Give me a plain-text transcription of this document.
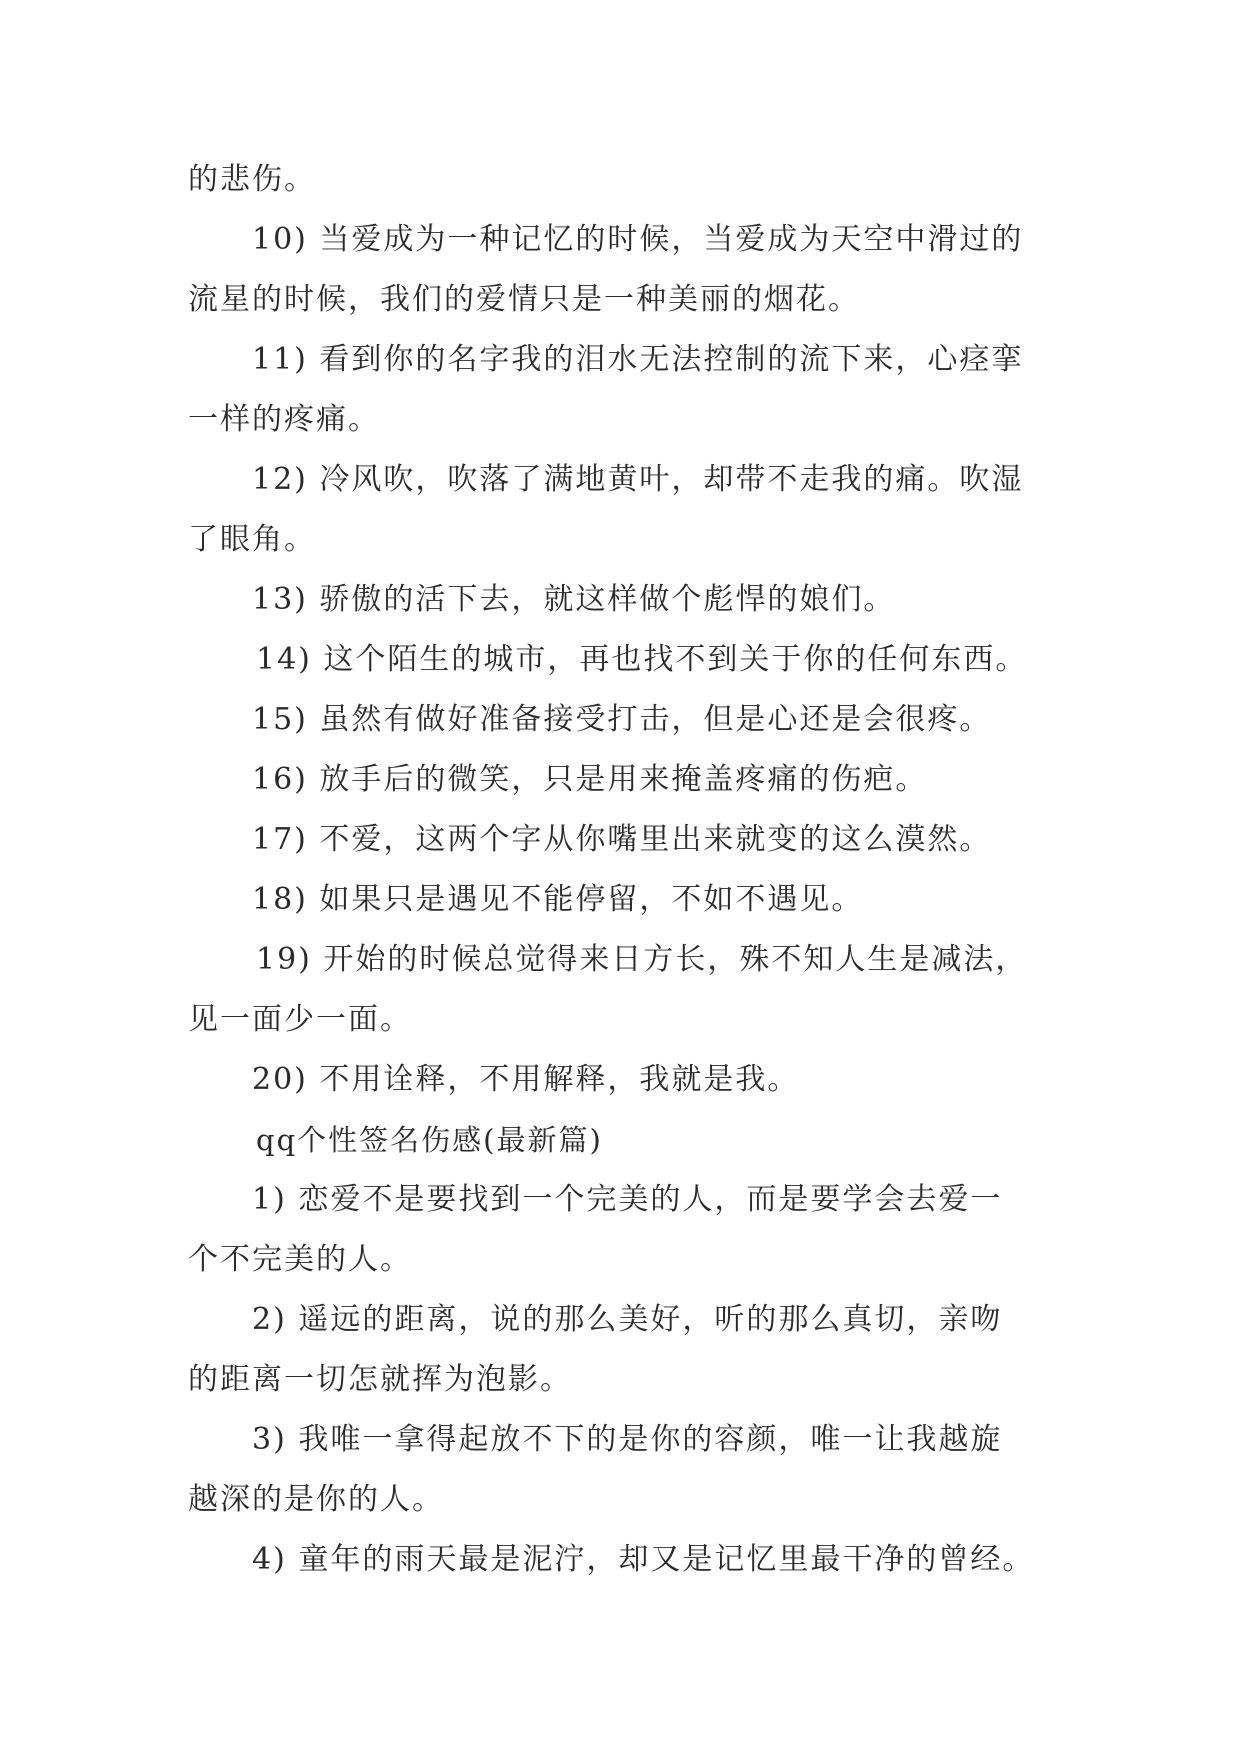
的悲伤。
10) 当爱成为一种记忆的时候，当爱成为天空中滑过的
流星的时候，我们的爱情只是一种美丽的烟花。
11) 看到你的名字我的泪水无法控制的流下来，心痉挛
一样的疼痛。
12) 冷风吹，吹落了满地黄叶，却带不走我的痛。吹湿
了眼角。
13) 骄傲的活下去，就这样做个彪悍的娘们。
14) 这个陌生的城市，再也找不到关于你的任何东西。
15) 虽然有做好准备接受打击，但是心还是会很疼。
16) 放手后的微笑，只是用来掩盖疼痛的伤疤。
17) 不爱，这两个字从你嘴里出来就变的这么漠然。
18) 如果只是遇见不能停留，不如不遇见。
19) 开始的时候总觉得来日方长，殊不知人生是减法，
见一面少一面。
20) 不用诠释，不用解释，我就是我。
qq个性签名伤感(最新篇)
1) 恋爱不是要找到一个完美的人，而是要学会去爱一
个不完美的人。
2) 遥远的距离，说的那么美好，听的那么真切，亲吻
的距离一切怎就挥为泡影。
3) 我唯一拿得起放不下的是你的容颜，唯一让我越旋
越深的是你的人。
4) 童年的雨天最是泥泞，却又是记忆里最干净的曾经。
